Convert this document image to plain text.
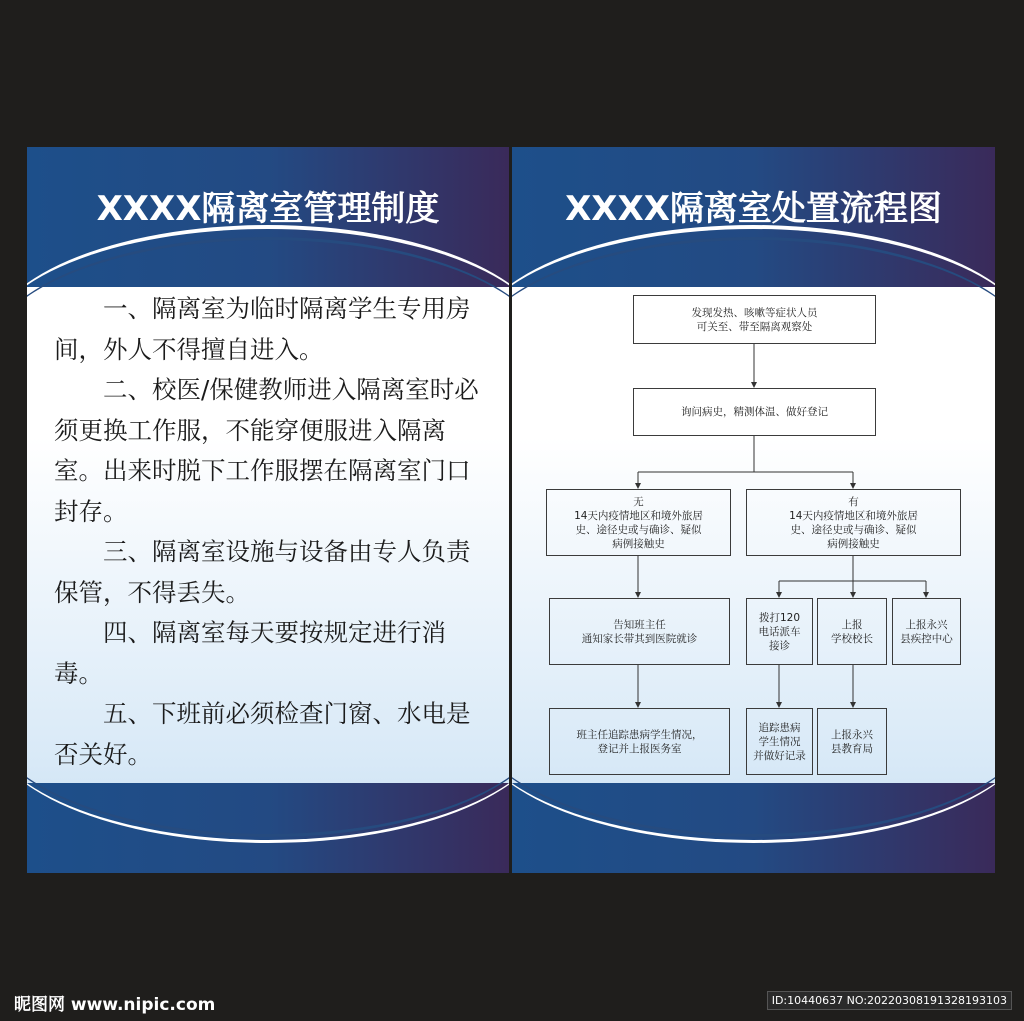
XXXX隔离室管理制度

一、隔离室为临时隔离学生专用房间，外人不得擅自进入。

二、校医/保健教师进入隔离室时必须更换工作服，不能穿便服进入隔离室。出来时脱下工作服摆在隔离室门口封存。

三、隔离室设施与设备由专人负责保管，不得丢失。

四、隔离室每天要按规定进行消毒。

五、下班前必须检查门窗、水电是否关好。

XXXX隔离室处置流程图
发现发热、咳嗽等症状人员
可关至、带至隔离观察处
询问病史，精测体温、做好登记
无
14天内疫情地区和境外旅居
史、途径史或与确诊、疑似
病例接触史
有
14天内疫情地区和境外旅居
史、途径史或与确诊、疑似
病例接触史
告知班主任
通知家长带其到医院就诊
拨打120
电话派车
接诊
上报
学校校长
上报永兴
县疾控中心
班主任追踪患病学生情况，
登记并上报医务室
追踪患病
学生情况
并做好记录
上报永兴
县教育局
昵图网 www.nipic.com	ID:10440637 NO:20220308191328193103
